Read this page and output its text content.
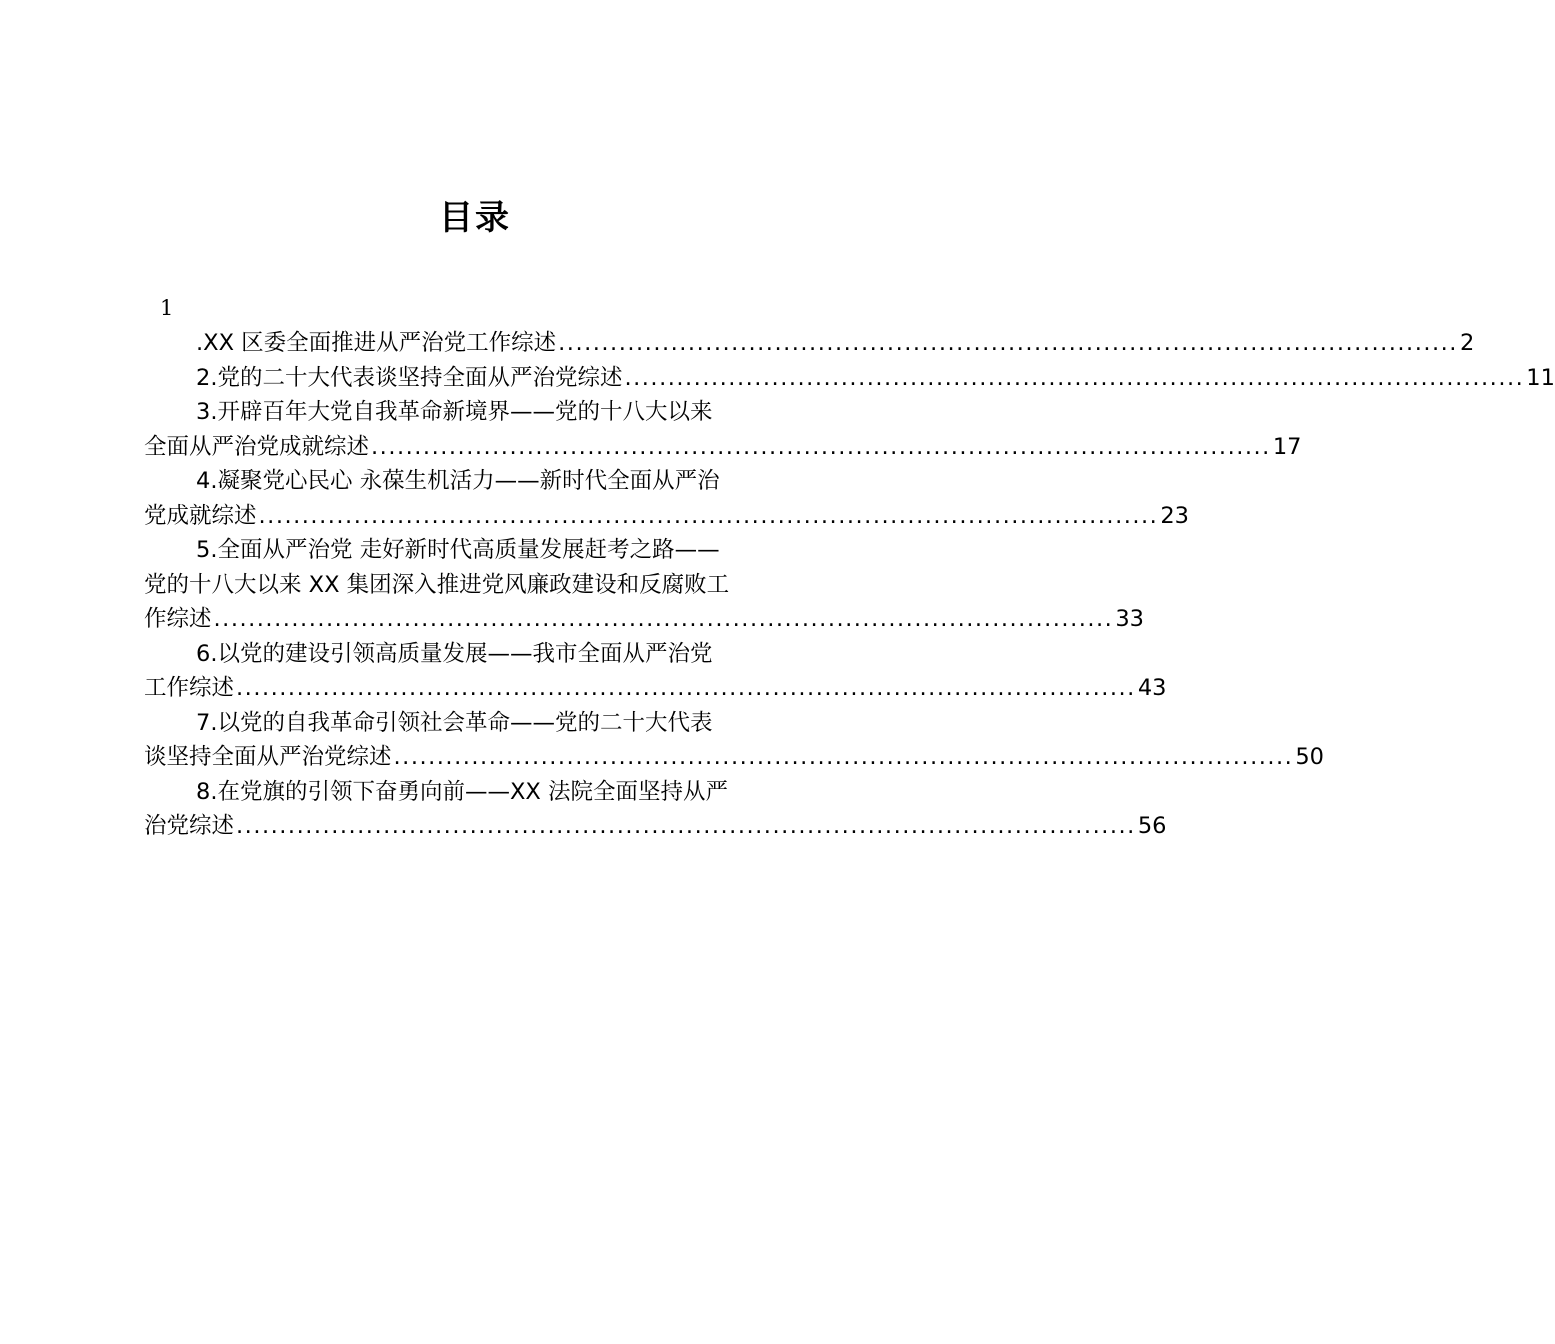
目录
1
.XX 区委全面推进从严治党工作综述 ........................................................................................................ 2
2.党的二十大代表谈坚持全面从严治党综述 ........................................................................................................ 11
3.开辟百年大党自我革命新境界——党的十八大以来
全面从严治党成就综述 ........................................................................................................ 17
4.凝聚党心民心 永葆生机活力——新时代全面从严治
党成就综述 ........................................................................................................ 23
5.全面从严治党 走好新时代高质量发展赶考之路——
党的十八大以来 XX 集团深入推进党风廉政建设和反腐败工
作综述 ........................................................................................................ 33
6.以党的建设引领高质量发展——我市全面从严治党
工作综述 ........................................................................................................ 43
7.以党的自我革命引领社会革命——党的二十大代表
谈坚持全面从严治党综述 ........................................................................................................ 50
8.在党旗的引领下奋勇向前——XX 法院全面坚持从严
治党综述 ........................................................................................................ 56
